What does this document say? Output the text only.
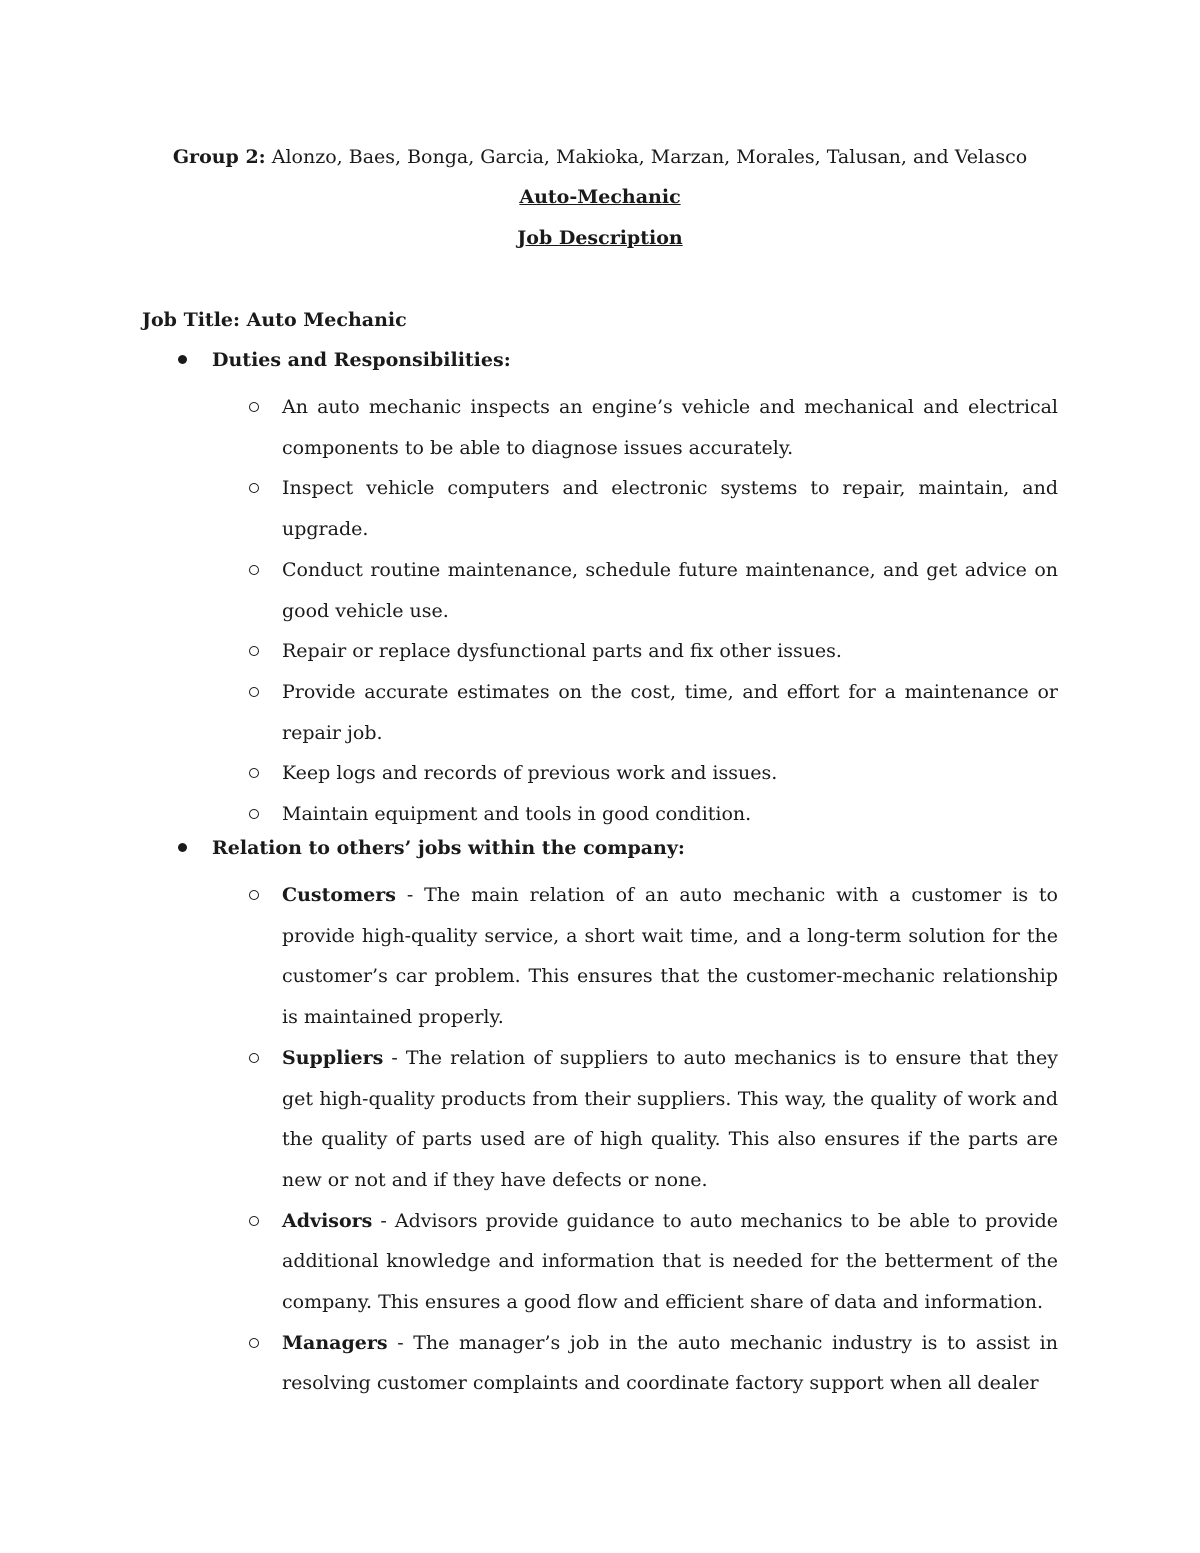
Group 2: Alonzo, Baes, Bonga, Garcia, Makioka, Marzan, Morales, Talusan, and Velasco
Auto-Mechanic
Job Description
Job Title: Auto Mechanic
Duties and Responsibilities:
An auto mechanic inspects an engine’s vehicle and mechanical and electrical components to be able to diagnose issues accurately.
Inspect vehicle computers and electronic systems to repair, maintain, and upgrade.
Conduct routine maintenance, schedule future maintenance, and get advice on good vehicle use.
Repair or replace dysfunctional parts and fix other issues.
Provide accurate estimates on the cost, time, and effort for a maintenance or repair job.
Keep logs and records of previous work and issues.
Maintain equipment and tools in good condition.
Relation to others’ jobs within the company:
Customers - The main relation of an auto mechanic with a customer is to provide high-quality service, a short wait time, and a long-term solution for the customer’s car problem. This ensures that the customer-mechanic relationship is maintained properly.
Suppliers - The relation of suppliers to auto mechanics is to ensure that they get high-quality products from their suppliers. This way, the quality of work and the quality of parts used are of high quality. This also ensures if the parts are new or not and if they have defects or none.
Advisors - Advisors provide guidance to auto mechanics to be able to provide additional knowledge and information that is needed for the betterment of the company. This ensures a good flow and efficient share of data and information.
Managers - The manager’s job in the auto mechanic industry is to assist in resolving customer complaints and coordinate factory support when all dealer
